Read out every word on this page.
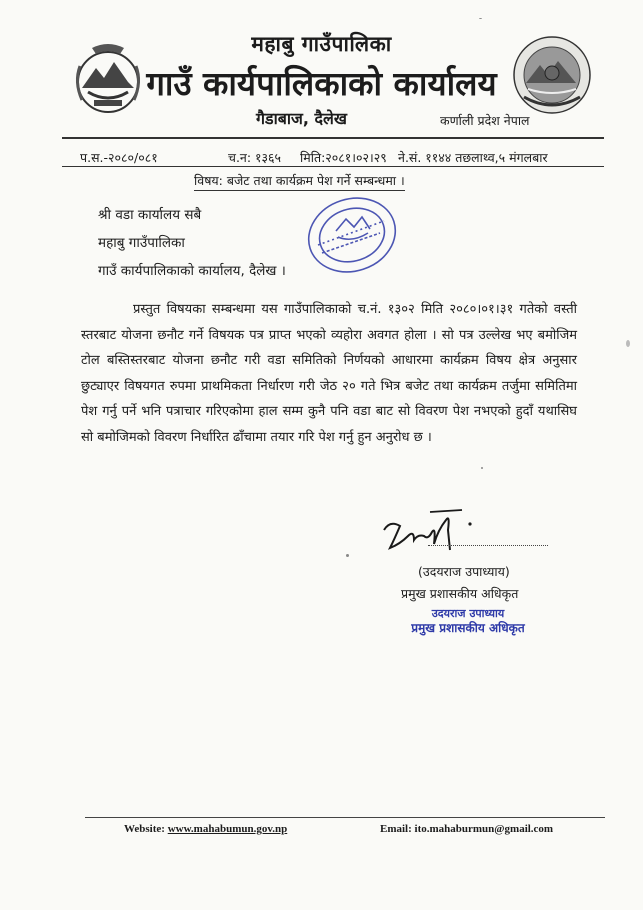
महाबु गाउँपालिका
गाउँ कार्यपालिकाको कार्यालय
गैडाबाज, दैलेख	कर्णाली प्रदेश नेपाल
प.स.-२०८०/०८१	च.न: १३६५ मिति:२०८१।०२।२९ ने.सं. ११४४ तछलाथ्व,५ मंगलबार
विषय: बजेट तथा कार्यक्रम पेश गर्ने सम्बन्धमा ।
श्री वडा कार्यालय सबै
महाबु गाउँपालिका
गाउँ कार्यपालिकाको कार्यालय, दैलेख ।
प्रस्तुत विषयका सम्बन्धमा यस गाउँपालिकाको च.नं. १३०२ मिति २०८०।०१।३१ गतेको वस्ती स्तरबाट योजना छनौट गर्ने विषयक पत्र प्राप्त भएको व्यहोरा अवगत होला । सो पत्र उल्लेख भए बमोजिम टोल बस्तिस्तरबाट योजना छनौट गरी वडा समितिको निर्णयको आधारमा कार्यक्रम विषय क्षेत्र अनुसार छुट्याएर विषयगत रुपमा प्राथमिकता निर्धारण गरी जेठ २० गते भित्र बजेट तथा कार्यक्रम तर्जुमा समितिमा पेश गर्नु पर्ने भनि पत्राचार गरिएकोमा हाल सम्म कुनै पनि वडा बाट सो विवरण पेश नभएको हुदाँ यथासिघ सो बमोजिमको विवरण निर्धारित ढाँचामा तयार गरि पेश गर्नु हुन अनुरोध छ ।
(उदयराज उपाध्याय)
प्रमुख प्रशासकीय अधिकृत
उदयराज उपाध्याय
प्रमुख प्रशासकीय अधिकृत
Website: www.mahabumun.gov.np	Email: ito.mahaburmun@gmail.com
